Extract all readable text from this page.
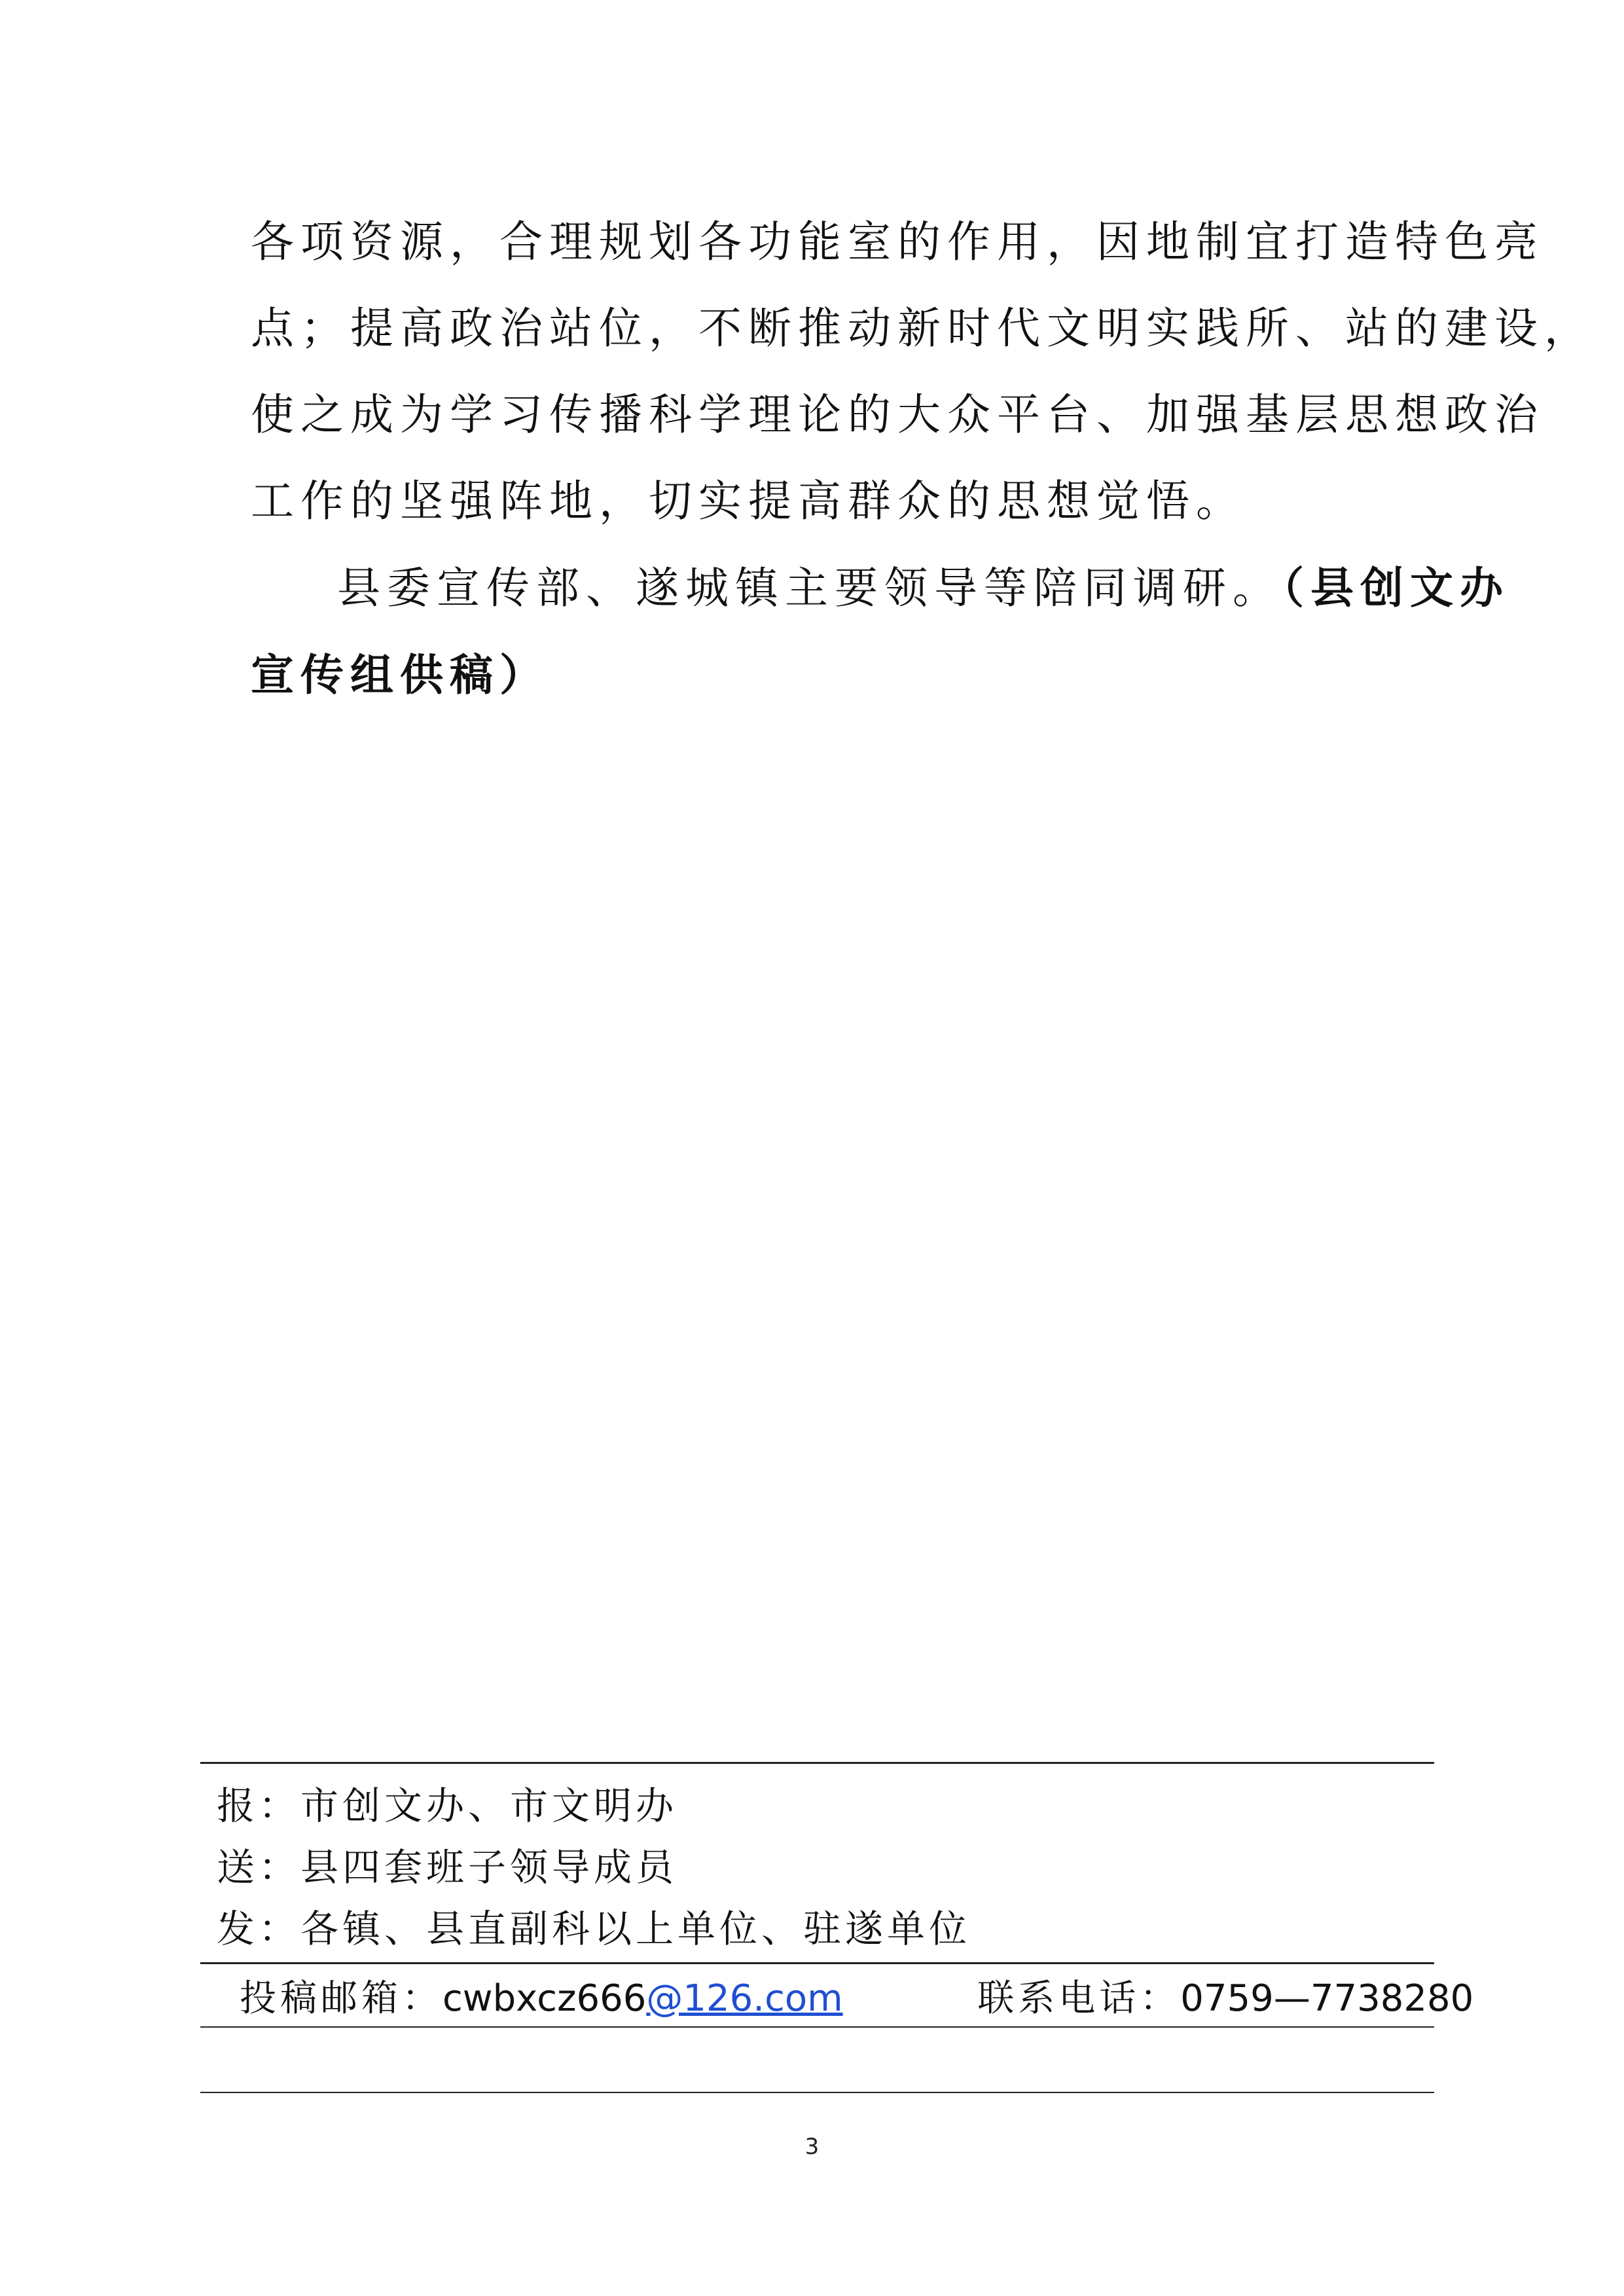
各项资源，合理规划各功能室的作用，因地制宜打造特色亮
点；提高政治站位，不断推动新时代文明实践所、站的建设，
使之成为学习传播科学理论的大众平台、加强基层思想政治
工作的坚强阵地，切实提高群众的思想觉悟。

县委宣传部、遂城镇主要领导等陪同调研。（县创文办
宣传组供稿）

报：市创文办、市文明办
送：县四套班子领导成员
发：各镇、县直副科以上单位、驻遂单位
投稿邮箱：cwbxcz666@126.com	联系电话：0759—7738280
3
